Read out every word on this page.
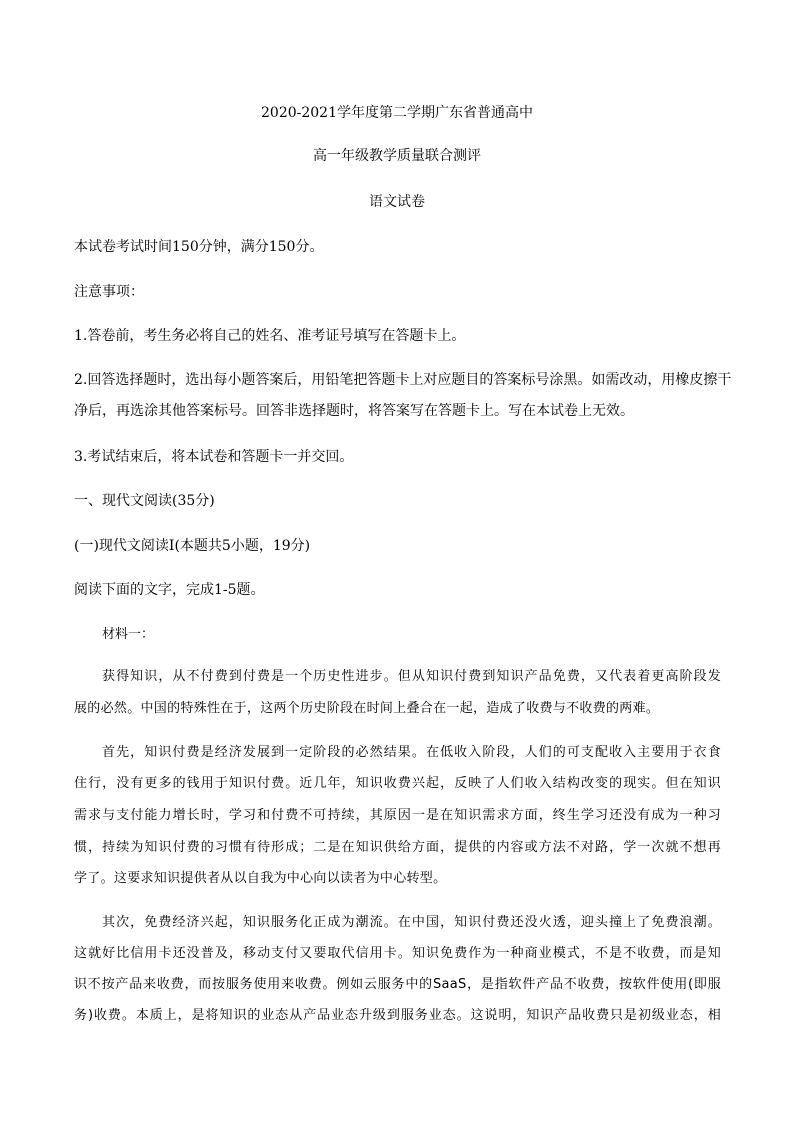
2020-2021学年度第二学期广东省普通高中
高一年级教学质量联合测评
语文试卷
本试卷考试时间150分钟，满分150分。
注意事项：
1.答卷前，考生务必将自己的姓名、准考证号填写在答题卡上。
2.回答选择题时，选出每小题答案后，用铅笔把答题卡上对应题目的答案标号涂黑。如需改动，用橡皮擦干
净后，再选涂其他答案标号。回答非选择题时，将答案写在答题卡上。写在本试卷上无效。
3.考试结束后，将本试卷和答题卡一并交回。
一、现代文阅读(35分)
(一)现代文阅读Ⅰ(本题共5小题，19分)
阅读下面的文字，完成1-5题。
材料一：
获得知识，从不付费到付费是一个历史性进步。但从知识付费到知识产品免费，又代表着更高阶段发
展的必然。中国的特殊性在于，这两个历史阶段在时间上叠合在一起，造成了收费与不收费的两难。
首先，知识付费是经济发展到一定阶段的必然结果。在低收入阶段，人们的可支配收入主要用于衣食
住行，没有更多的钱用于知识付费。近几年，知识收费兴起，反映了人们收入结构改变的现实。但在知识
需求与支付能力增长时，学习和付费不可持续，其原因一是在知识需求方面，终生学习还没有成为一种习
惯，持续为知识付费的习惯有待形成；二是在知识供给方面，提供的内容或方法不对路，学一次就不想再
学了。这要求知识提供者从以自我为中心向以读者为中心转型。
其次，免费经济兴起，知识服务化正成为潮流。在中国，知识付费还没火透，迎头撞上了免费浪潮。
这就好比信用卡还没普及，移动支付又要取代信用卡。知识免费作为一种商业模式，不是不收费，而是知
识不按产品来收费，而按服务使用来收费。例如云服务中的SaaS，是指软件产品不收费，按软件使用(即服
务)收费。本质上，是将知识的业态从产品业态升级到服务业态。这说明，知识产品收费只是初级业态，相
